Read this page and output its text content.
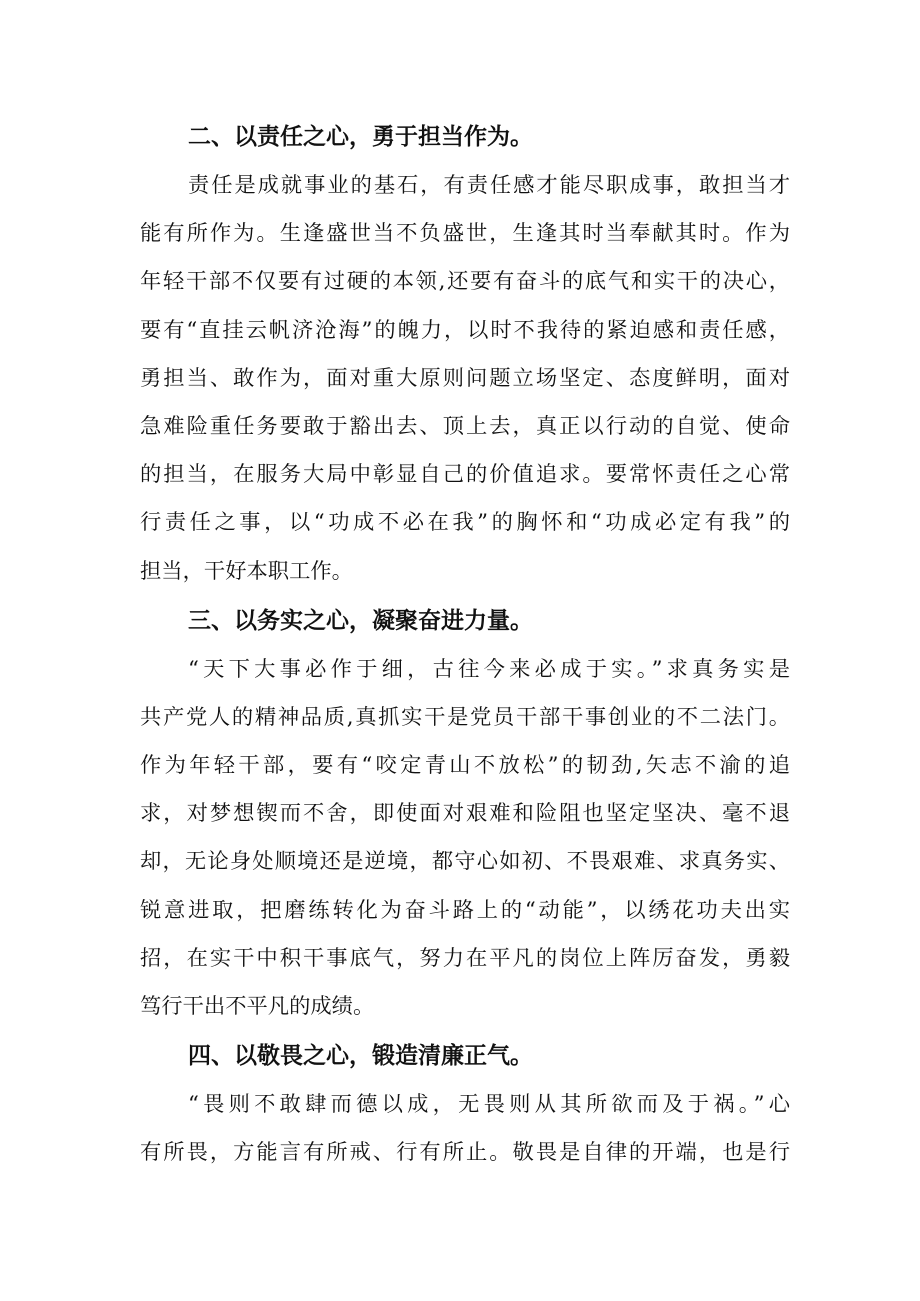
二、以责任之心，勇于担当作为。
责任是成就事业的基石，有责任感才能尽职成事，敢担当才
能有所作为。生逢盛世当不负盛世，生逢其时当奉献其时。作为
年轻干部不仅要有过硬的本领,还要有奋斗的底气和实干的决心，
要有“直挂云帆济沧海”的魄力，以时不我待的紧迫感和责任感，
勇担当、敢作为，面对重大原则问题立场坚定、态度鲜明，面对
急难险重任务要敢于豁出去、顶上去，真正以行动的自觉、使命
的担当，在服务大局中彰显自己的价值追求。要常怀责任之心常
行责任之事，以“功成不必在我”的胸怀和“功成必定有我”的
担当，干好本职工作。
三、以务实之心，凝聚奋进力量。
“天下大事必作于细，古往今来必成于实。”求真务实是
共产党人的精神品质,真抓实干是党员干部干事创业的不二法门。
作为年轻干部，要有“咬定青山不放松”的韧劲,矢志不渝的追
求，对梦想锲而不舍，即使面对艰难和险阻也坚定坚决、毫不退
却，无论身处顺境还是逆境，都守心如初、不畏艰难、求真务实、
锐意进取，把磨练转化为奋斗路上的“动能”，以绣花功夫出实
招，在实干中积干事底气，努力在平凡的岗位上阵厉奋发，勇毅
笃行干出不平凡的成绩。
四、以敬畏之心，锻造清廉正气。
“畏则不敢肆而德以成，无畏则从其所欲而及于祸。”心
有所畏，方能言有所戒、行有所止。敬畏是自律的开端，也是行
